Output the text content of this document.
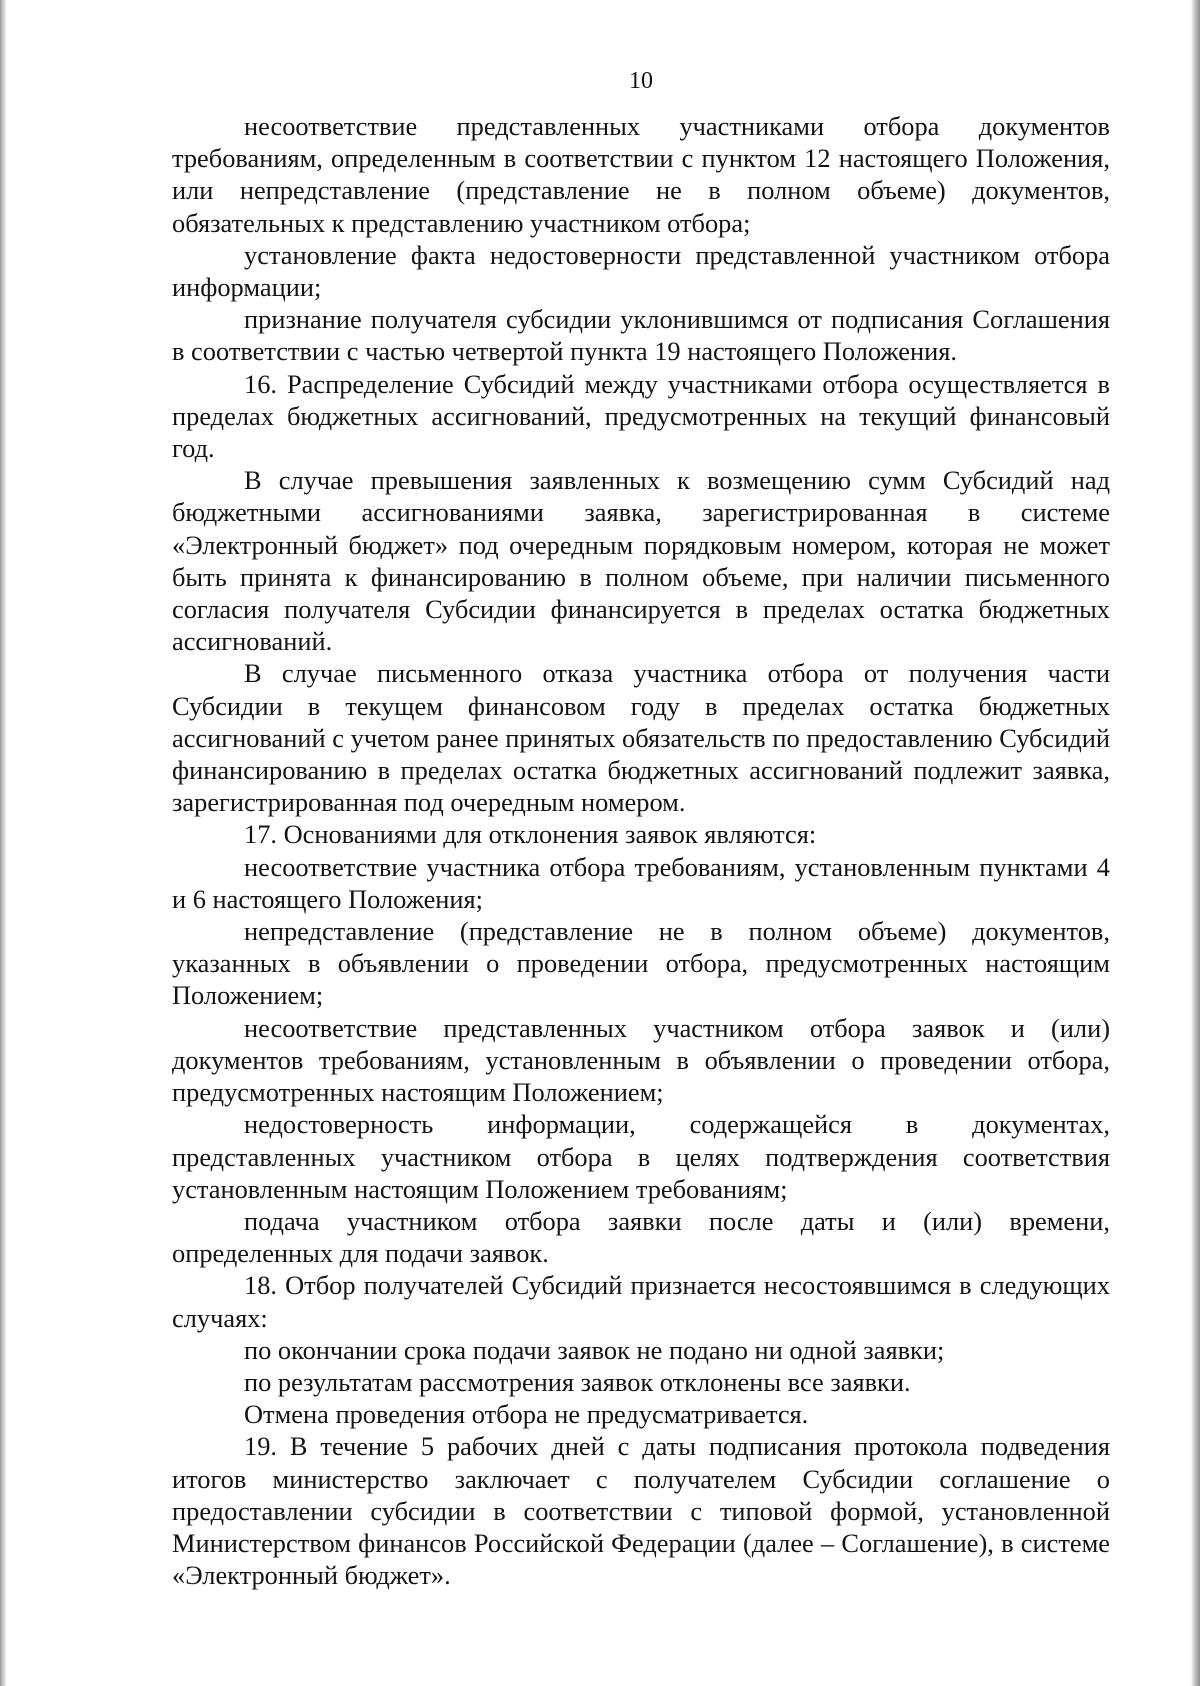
10

несоответствие представленных участниками отбора документов требованиям, определенным в соответствии с пунктом 12 настоящего Положения, или непредставление (представление не в полном объеме) документов, обязательных к представлению участником отбора;

установление факта недостоверности представленной участником отбора информации;

признание получателя субсидии уклонившимся от подписания Соглашения в соответствии с частью четвертой пункта 19 настоящего Положения.

16. Распределение Субсидий между участниками отбора осуществляется в пределах бюджетных ассигнований, предусмотренных на текущий финансовый год.

В случае превышения заявленных к возмещению сумм Субсидий над бюджетными ассигнованиями заявка, зарегистрированная в системе «Электронный бюджет» под очередным порядковым номером, которая не может быть принята к финансированию в полном объеме, при наличии письменного согласия получателя Субсидии финансируется в пределах остатка бюджетных ассигнований.

В случае письменного отказа участника отбора от получения части Субсидии в текущем финансовом году в пределах остатка бюджетных ассигнований с учетом ранее принятых обязательств по предоставлению Субсидий финансированию в пределах остатка бюджетных ассигнований подлежит заявка, зарегистрированная под очередным номером.

17. Основаниями для отклонения заявок являются:

несоответствие участника отбора требованиям, установленным пунктами 4 и 6 настоящего Положения;

непредставление (представление не в полном объеме) документов, указанных в объявлении о проведении отбора, предусмотренных настоящим Положением;

несоответствие представленных участником отбора заявок и (или) документов требованиям, установленным в объявлении о проведении отбора, предусмотренных настоящим Положением;

недостоверность информации, содержащейся в документах, представленных участником отбора в целях подтверждения соответствия установленным настоящим Положением требованиям;

подача участником отбора заявки после даты и (или) времени, определенных для подачи заявок.

18. Отбор получателей Субсидий признается несостоявшимся в следующих случаях:

по окончании срока подачи заявок не подано ни одной заявки;

по результатам рассмотрения заявок отклонены все заявки.

Отмена проведения отбора не предусматривается.

19. В течение 5 рабочих дней с даты подписания протокола подведения итогов министерство заключает с получателем Субсидии соглашение о предоставлении субсидии в соответствии с типовой формой, установленной Министерством финансов Российской Федерации (далее – Соглашение), в системе «Электронный бюджет».
